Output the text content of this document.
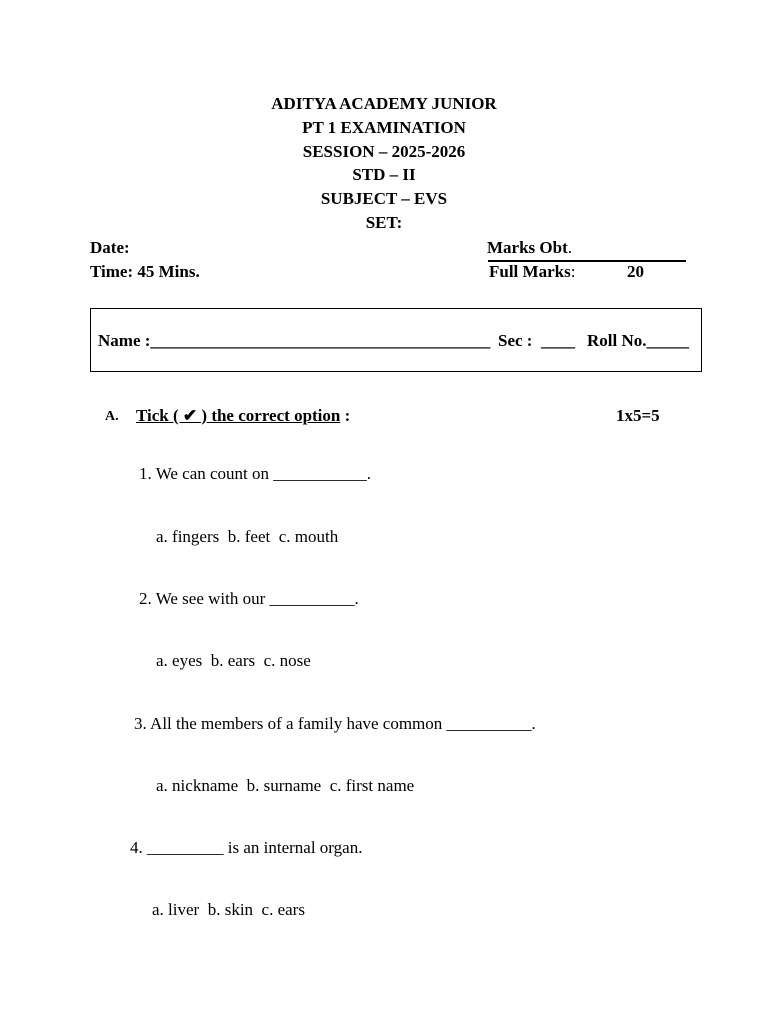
ADITYA ACADEMY JUNIOR
PT 1 EXAMINATION
SESSION – 2025-2026
STD – II
SUBJECT – EVS
SET:
Date:
Time: 45 Mins.
Marks Obt.
Full Marks:	20
Name :________________________________________ Sec :  ____ Roll No._____
A. Tick ( ✔ ) the correct option :	1x5=5
1. We can count on ___________.
a. fingers  b. feet  c. mouth
2. We see with our __________.
a. eyes  b. ears  c. nose
3. All the members of a family have common __________.
a. nickname  b. surname  c. first name
4. _________ is an internal organ.
a. liver  b. skin  c. ears
